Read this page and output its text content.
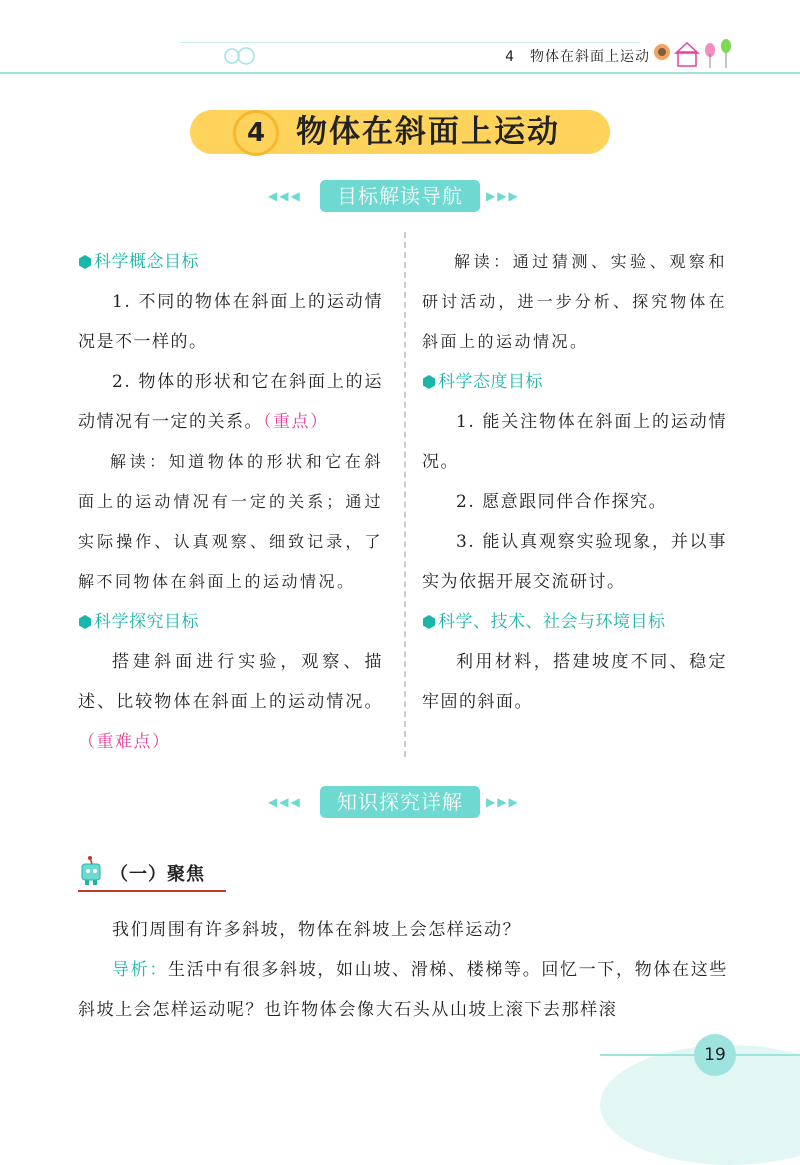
4　物体在斜面上运动
4 物体在斜面上运动
◀◀◀	目标解读导航	▶▶▶
科学概念目标

1. 不同的物体在斜面上的运动情况是不一样的。

2. 物体的形状和它在斜面上的运动情况有一定的关系。（重点）

解读：知道物体的形状和它在斜面上的运动情况有一定的关系；通过实际操作、认真观察、细致记录，了解不同物体在斜面上的运动情况。

科学探究目标

搭建斜面进行实验，观察、描述、比较物体在斜面上的运动情况。（重难点）

解读：通过猜测、实验、观察和研讨活动，进一步分析、探究物体在斜面上的运动情况。

科学态度目标

1. 能关注物体在斜面上的运动情况。

2. 愿意跟同伴合作探究。

3. 能认真观察实验现象，并以事实为依据开展交流研讨。

科学、技术、社会与环境目标

利用材料，搭建坡度不同、稳定牢固的斜面。

◀◀◀	知识探究详解	▶▶▶
（一）聚焦

我们周围有许多斜坡，物体在斜坡上会怎样运动？

导析：生活中有很多斜坡，如山坡、滑梯、楼梯等。回忆一下，物体在这些斜坡上会怎样运动呢？也许物体会像大石头从山坡上滚下去那样滚

19
